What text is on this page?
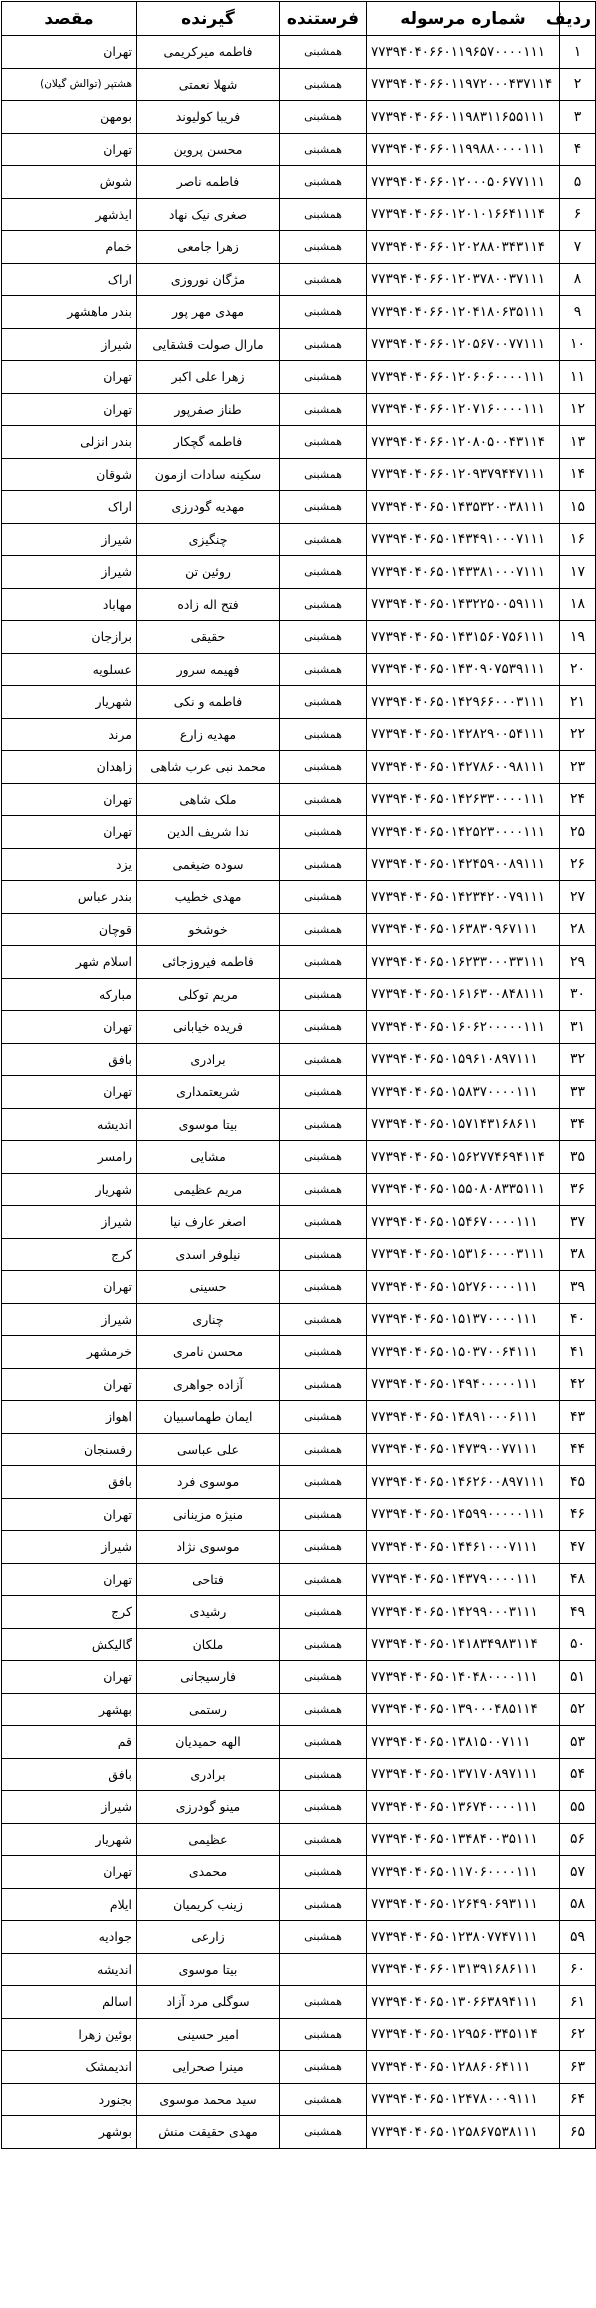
ردیف	شماره مرسوله	فرستنده	گیرنده	مقصد
۱	۷۷۳۹۴۰۴۰۶۶۰۱۱۹۶۵۷۰۰۰۰۱۱۱	همشبنی	فاطمه میرکریمی	تهران
۲	۷۷۳۹۴۰۴۰۶۶۰۱۱۹۷۲۰۰۰۴۳۷۱۱۴	همشبنی	شهلا نعمتی	هشتپر (توالش گیلان)
۳	۷۷۳۹۴۰۴۰۶۶۰۱۱۹۸۳۱۱۶۵۵۱۱۱	همشبنی	فریبا کولیوند	بومهن
۴	۷۷۳۹۴۰۴۰۶۶۰۱۱۹۹۸۸۰۰۰۰۱۱۱	همشبنی	محسن پروین	تهران
۵	۷۷۳۹۴۰۴۰۶۶۰۱۲۰۰۰۵۰۶۷۷۱۱۱	همشبنی	فاطمه ناصر	شوش
۶	۷۷۳۹۴۰۴۰۶۶۰۱۲۰۱۰۱۶۶۴۱۱۱۴	همشبنی	صغری نیک نهاد	ایذشهر
۷	۷۷۳۹۴۰۴۰۶۶۰۱۲۰۲۸۸۰۳۴۳۱۱۴	همشبنی	زهرا جامعی	خمام
۸	۷۷۳۹۴۰۴۰۶۶۰۱۲۰۳۷۸۰۰۳۷۱۱۱	همشبنی	مژگان نوروزی	اراک
۹	۷۷۳۹۴۰۴۰۶۶۰۱۲۰۴۱۸۰۶۳۵۱۱۱	همشبنی	مهدی مهر پور	بندر ماهشهر
۱۰	۷۷۳۹۴۰۴۰۶۶۰۱۲۰۵۶۷۰۰۷۷۱۱۱	همشبنی	مارال صولت قشقایی	شیراز
۱۱	۷۷۳۹۴۰۴۰۶۶۰۱۲۰۶۰۶۰۰۰۰۱۱۱	همشبنی	زهرا علی اکبر	تهران
۱۲	۷۷۳۹۴۰۴۰۶۶۰۱۲۰۷۱۶۰۰۰۰۱۱۱	همشبنی	طناز صفرپور	تهران
۱۳	۷۷۳۹۴۰۴۰۶۶۰۱۲۰۸۰۵۰۰۴۳۱۱۴	همشبنی	فاطمه گچکار	بندر انزلی
۱۴	۷۷۳۹۴۰۴۰۶۶۰۱۲۰۹۳۷۹۴۴۷۱۱۱	همشبنی	سکینه سادات ازمون	شوقان
۱۵	۷۷۳۹۴۰۴۰۶۵۰۱۴۳۵۳۲۰۰۳۸۱۱۱	همشبنی	مهدیه گودرزی	اراک
۱۶	۷۷۳۹۴۰۴۰۶۵۰۱۴۳۴۹۱۰۰۰۷۱۱۱	همشبنی	چنگیزی	شیراز
۱۷	۷۷۳۹۴۰۴۰۶۵۰۱۴۳۳۸۱۰۰۰۷۱۱۱	همشبنی	روئین تن	شیراز
۱۸	۷۷۳۹۴۰۴۰۶۵۰۱۴۳۲۲۵۰۰۵۹۱۱۱	همشبنی	فتح اله زاده	مهاباد
۱۹	۷۷۳۹۴۰۴۰۶۵۰۱۴۳۱۵۶۰۷۵۶۱۱۱	همشبنی	حقیقی	برازجان
۲۰	۷۷۳۹۴۰۴۰۶۵۰۱۴۳۰۹۰۷۵۳۹۱۱۱	همشبنی	فهیمه سرور	عسلویه
۲۱	۷۷۳۹۴۰۴۰۶۵۰۱۴۲۹۶۶۰۰۰۳۱۱۱	همشبنی	فاطمه و نکی	شهریار
۲۲	۷۷۳۹۴۰۴۰۶۵۰۱۴۲۸۲۹۰۰۵۴۱۱۱	همشبنی	مهدیه زارع	مرند
۲۳	۷۷۳۹۴۰۴۰۶۵۰۱۴۲۷۸۶۰۰۹۸۱۱۱	همشبنی	محمد نبی عرب شاهی	زاهدان
۲۴	۷۷۳۹۴۰۴۰۶۵۰۱۴۲۶۳۳۰۰۰۰۱۱۱	همشبنی	ملک شاهی	تهران
۲۵	۷۷۳۹۴۰۴۰۶۵۰۱۴۲۵۲۳۰۰۰۰۱۱۱	همشبنی	ندا شریف الدین	تهران
۲۶	۷۷۳۹۴۰۴۰۶۵۰۱۴۲۴۵۹۰۰۸۹۱۱۱	همشبنی	سوده ضیغمی	یزد
۲۷	۷۷۳۹۴۰۴۰۶۵۰۱۴۲۳۴۲۰۰۷۹۱۱۱	همشبنی	مهدی خطیب	بندر عباس
۲۸	۷۷۳۹۴۰۴۰۶۵۰۱۶۳۸۳۰۹۶۷۱۱۱	همشبنی	خوشخو	قوچان
۲۹	۷۷۳۹۴۰۴۰۶۵۰۱۶۲۳۳۰۰۰۳۳۱۱۱	همشبنی	فاطمه فیروزجائی	اسلام شهر
۳۰	۷۷۳۹۴۰۴۰۶۵۰۱۶۱۶۳۰۰۸۴۸۱۱۱	همشبنی	مریم توکلی	مبارکه
۳۱	۷۷۳۹۴۰۴۰۶۵۰۱۶۰۶۲۰۰۰۰۰۱۱۱	همشبنی	فریده خیابانی	تهران
۳۲	۷۷۳۹۴۰۴۰۶۵۰۱۵۹۶۱۰۸۹۷۱۱۱	همشبنی	برادری	بافق
۳۳	۷۷۳۹۴۰۴۰۶۵۰۱۵۸۳۷۰۰۰۰۱۱۱	همشبنی	شریعتمداری	تهران
۳۴	۷۷۳۹۴۰۴۰۶۵۰۱۵۷۱۴۳۱۶۸۶۱۱	همشبنی	بیتا موسوی	اندیشه
۳۵	۷۷۳۹۴۰۴۰۶۵۰۱۵۶۲۷۷۴۶۹۴۱۱۴	همشبنی	مشایی	رامسر
۳۶	۷۷۳۹۴۰۴۰۶۵۰۱۵۵۰۸۰۸۳۳۵۱۱۱	همشبنی	مریم عظیمی	شهریار
۳۷	۷۷۳۹۴۰۴۰۶۵۰۱۵۴۶۷۰۰۰۰۱۱۱	همشبنی	اصغر عارف نیا	شیراز
۳۸	۷۷۳۹۴۰۴۰۶۵۰۱۵۳۱۶۰۰۰۰۳۱۱۱	همشبنی	نیلوفر اسدی	کرج
۳۹	۷۷۳۹۴۰۴۰۶۵۰۱۵۲۷۶۰۰۰۰۱۱۱	همشبنی	حسینی	تهران
۴۰	۷۷۳۹۴۰۴۰۶۵۰۱۵۱۳۷۰۰۰۰۱۱۱	همشبنی	چناری	شیراز
۴۱	۷۷۳۹۴۰۴۰۶۵۰۱۵۰۳۷۰۰۶۴۱۱۱	همشبنی	محسن نامری	خرمشهر
۴۲	۷۷۳۹۴۰۴۰۶۵۰۱۴۹۴۰۰۰۰۰۱۱۱	همشبنی	آزاده جواهری	تهران
۴۳	۷۷۳۹۴۰۴۰۶۵۰۱۴۸۹۱۰۰۰۶۱۱۱	همشبنی	ایمان طهماسبیان	اهواز
۴۴	۷۷۳۹۴۰۴۰۶۵۰۱۴۷۳۹۰۰۷۷۱۱۱	همشبنی	علی عباسی	رفسنجان
۴۵	۷۷۳۹۴۰۴۰۶۵۰۱۴۶۲۶۰۰۸۹۷۱۱۱	همشبنی	موسوی فرد	بافق
۴۶	۷۷۳۹۴۰۴۰۶۵۰۱۴۵۹۹۰۰۰۰۰۱۱۱	همشبنی	منیژه مزینانی	تهران
۴۷	۷۷۳۹۴۰۴۰۶۵۰۱۴۴۶۱۰۰۰۷۱۱۱	همشبنی	موسوی نژاد	شیراز
۴۸	۷۷۳۹۴۰۴۰۶۵۰۱۴۳۷۹۰۰۰۰۱۱۱	همشبنی	فتاحی	تهران
۴۹	۷۷۳۹۴۰۴۰۶۵۰۱۴۲۹۹۰۰۰۳۱۱۱	همشبنی	رشیدی	کرج
۵۰	۷۷۳۹۴۰۴۰۶۵۰۱۴۱۸۳۴۹۸۳۱۱۴	همشبنی	ملکان	گالیکش
۵۱	۷۷۳۹۴۰۴۰۶۵۰۱۴۰۴۸۰۰۰۰۱۱۱	همشبنی	فارسیجانی	تهران
۵۲	۷۷۳۹۴۰۴۰۶۵۰۱۳۹۰۰۰۴۸۵۱۱۴	همشبنی	رستمی	بهشهر
۵۳	۷۷۳۹۴۰۴۰۶۵۰۱۳۸۱۵۰۰۷۱۱۱	همشبنی	الهه حمیدیان	قم
۵۴	۷۷۳۹۴۰۴۰۶۵۰۱۳۷۱۷۰۸۹۷۱۱۱	همشبنی	برادری	بافق
۵۵	۷۷۳۹۴۰۴۰۶۵۰۱۳۶۷۴۰۰۰۰۱۱۱	همشبنی	مینو گودرزی	شیراز
۵۶	۷۷۳۹۴۰۴۰۶۵۰۱۳۴۸۴۰۰۳۵۱۱۱	همشبنی	عظیمی	شهریار
۵۷	۷۷۳۹۴۰۴۰۶۵۰۱۱۷۰۶۰۰۰۰۱۱۱	همشبنی	محمدی	تهران
۵۸	۷۷۳۹۴۰۴۰۶۵۰۱۲۶۴۹۰۶۹۳۱۱۱	همشبنی	زینب کریمیان	ایلام
۵۹	۷۷۳۹۴۰۴۰۶۵۰۱۲۳۸۰۷۷۴۷۱۱۱	همشبنی	زارعی	جوادیه
۶۰	۷۷۳۹۴۰۴۰۶۶۰۱۳۱۳۹۱۶۸۶۱۱۱		بیتا موسوی	اندیشه
۶۱	۷۷۳۹۴۰۴۰۶۵۰۱۳۰۶۶۳۸۹۴۱۱۱	همشبنی	سوگلی مرد آزاد	اسالم
۶۲	۷۷۳۹۴۰۴۰۶۵۰۱۲۹۵۶۰۳۴۵۱۱۴	همشبنی	امیر حسینی	بوئین زهرا
۶۳	۷۷۳۹۴۰۴۰۶۵۰۱۲۸۸۶۰۶۴۱۱۱	همشبنی	مینرا صحرایی	اندیمشک
۶۴	۷۷۳۹۴۰۴۰۶۵۰۱۲۴۷۸۰۰۰۹۱۱۱	همشبنی	سید محمد موسوی	بجنورد
۶۵	۷۷۳۹۴۰۴۰۶۵۰۱۲۵۸۶۷۵۳۸۱۱۱	همشبنی	مهدی حقیقت منش	بوشهر
